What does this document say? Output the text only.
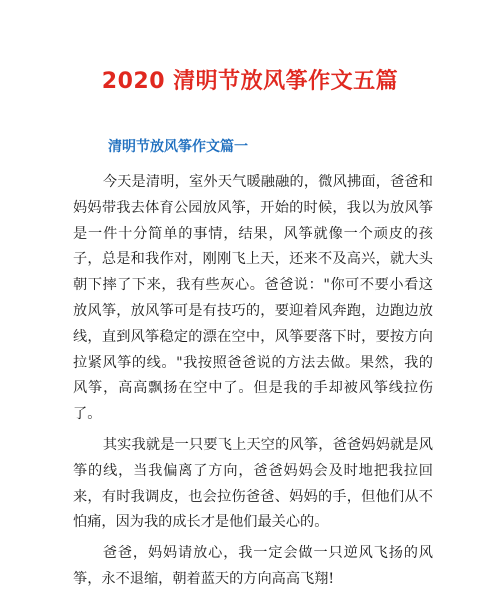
2020 清明节放风筝作文五篇
清明节放风筝作文篇一

今天是清明，室外天气暖融融的，微风拂面，爸爸和妈妈带我去体育公园放风筝，开始的时候，我以为放风筝是一件十分简单的事情，结果，风筝就像一个顽皮的孩子，总是和我作对，刚刚飞上天，还来不及高兴，就大头朝下摔了下来，我有些灰心。爸爸说："你可不要小看这放风筝，放风筝可是有技巧的，要迎着风奔跑，边跑边放线，直到风筝稳定的漂在空中，风筝要落下时，要按方向拉紧风筝的线。"我按照爸爸说的方法去做。果然，我的风筝，高高飘扬在空中了。但是我的手却被风筝线拉伤了。

其实我就是一只要飞上天空的风筝，爸爸妈妈就是风筝的线，当我偏离了方向，爸爸妈妈会及时地把我拉回来，有时我调皮，也会拉伤爸爸、妈妈的手，但他们从不怕痛，因为我的成长才是他们最关心的。

爸爸，妈妈请放心，我一定会做一只逆风飞扬的风筝，永不退缩，朝着蓝天的方向高高飞翔!
